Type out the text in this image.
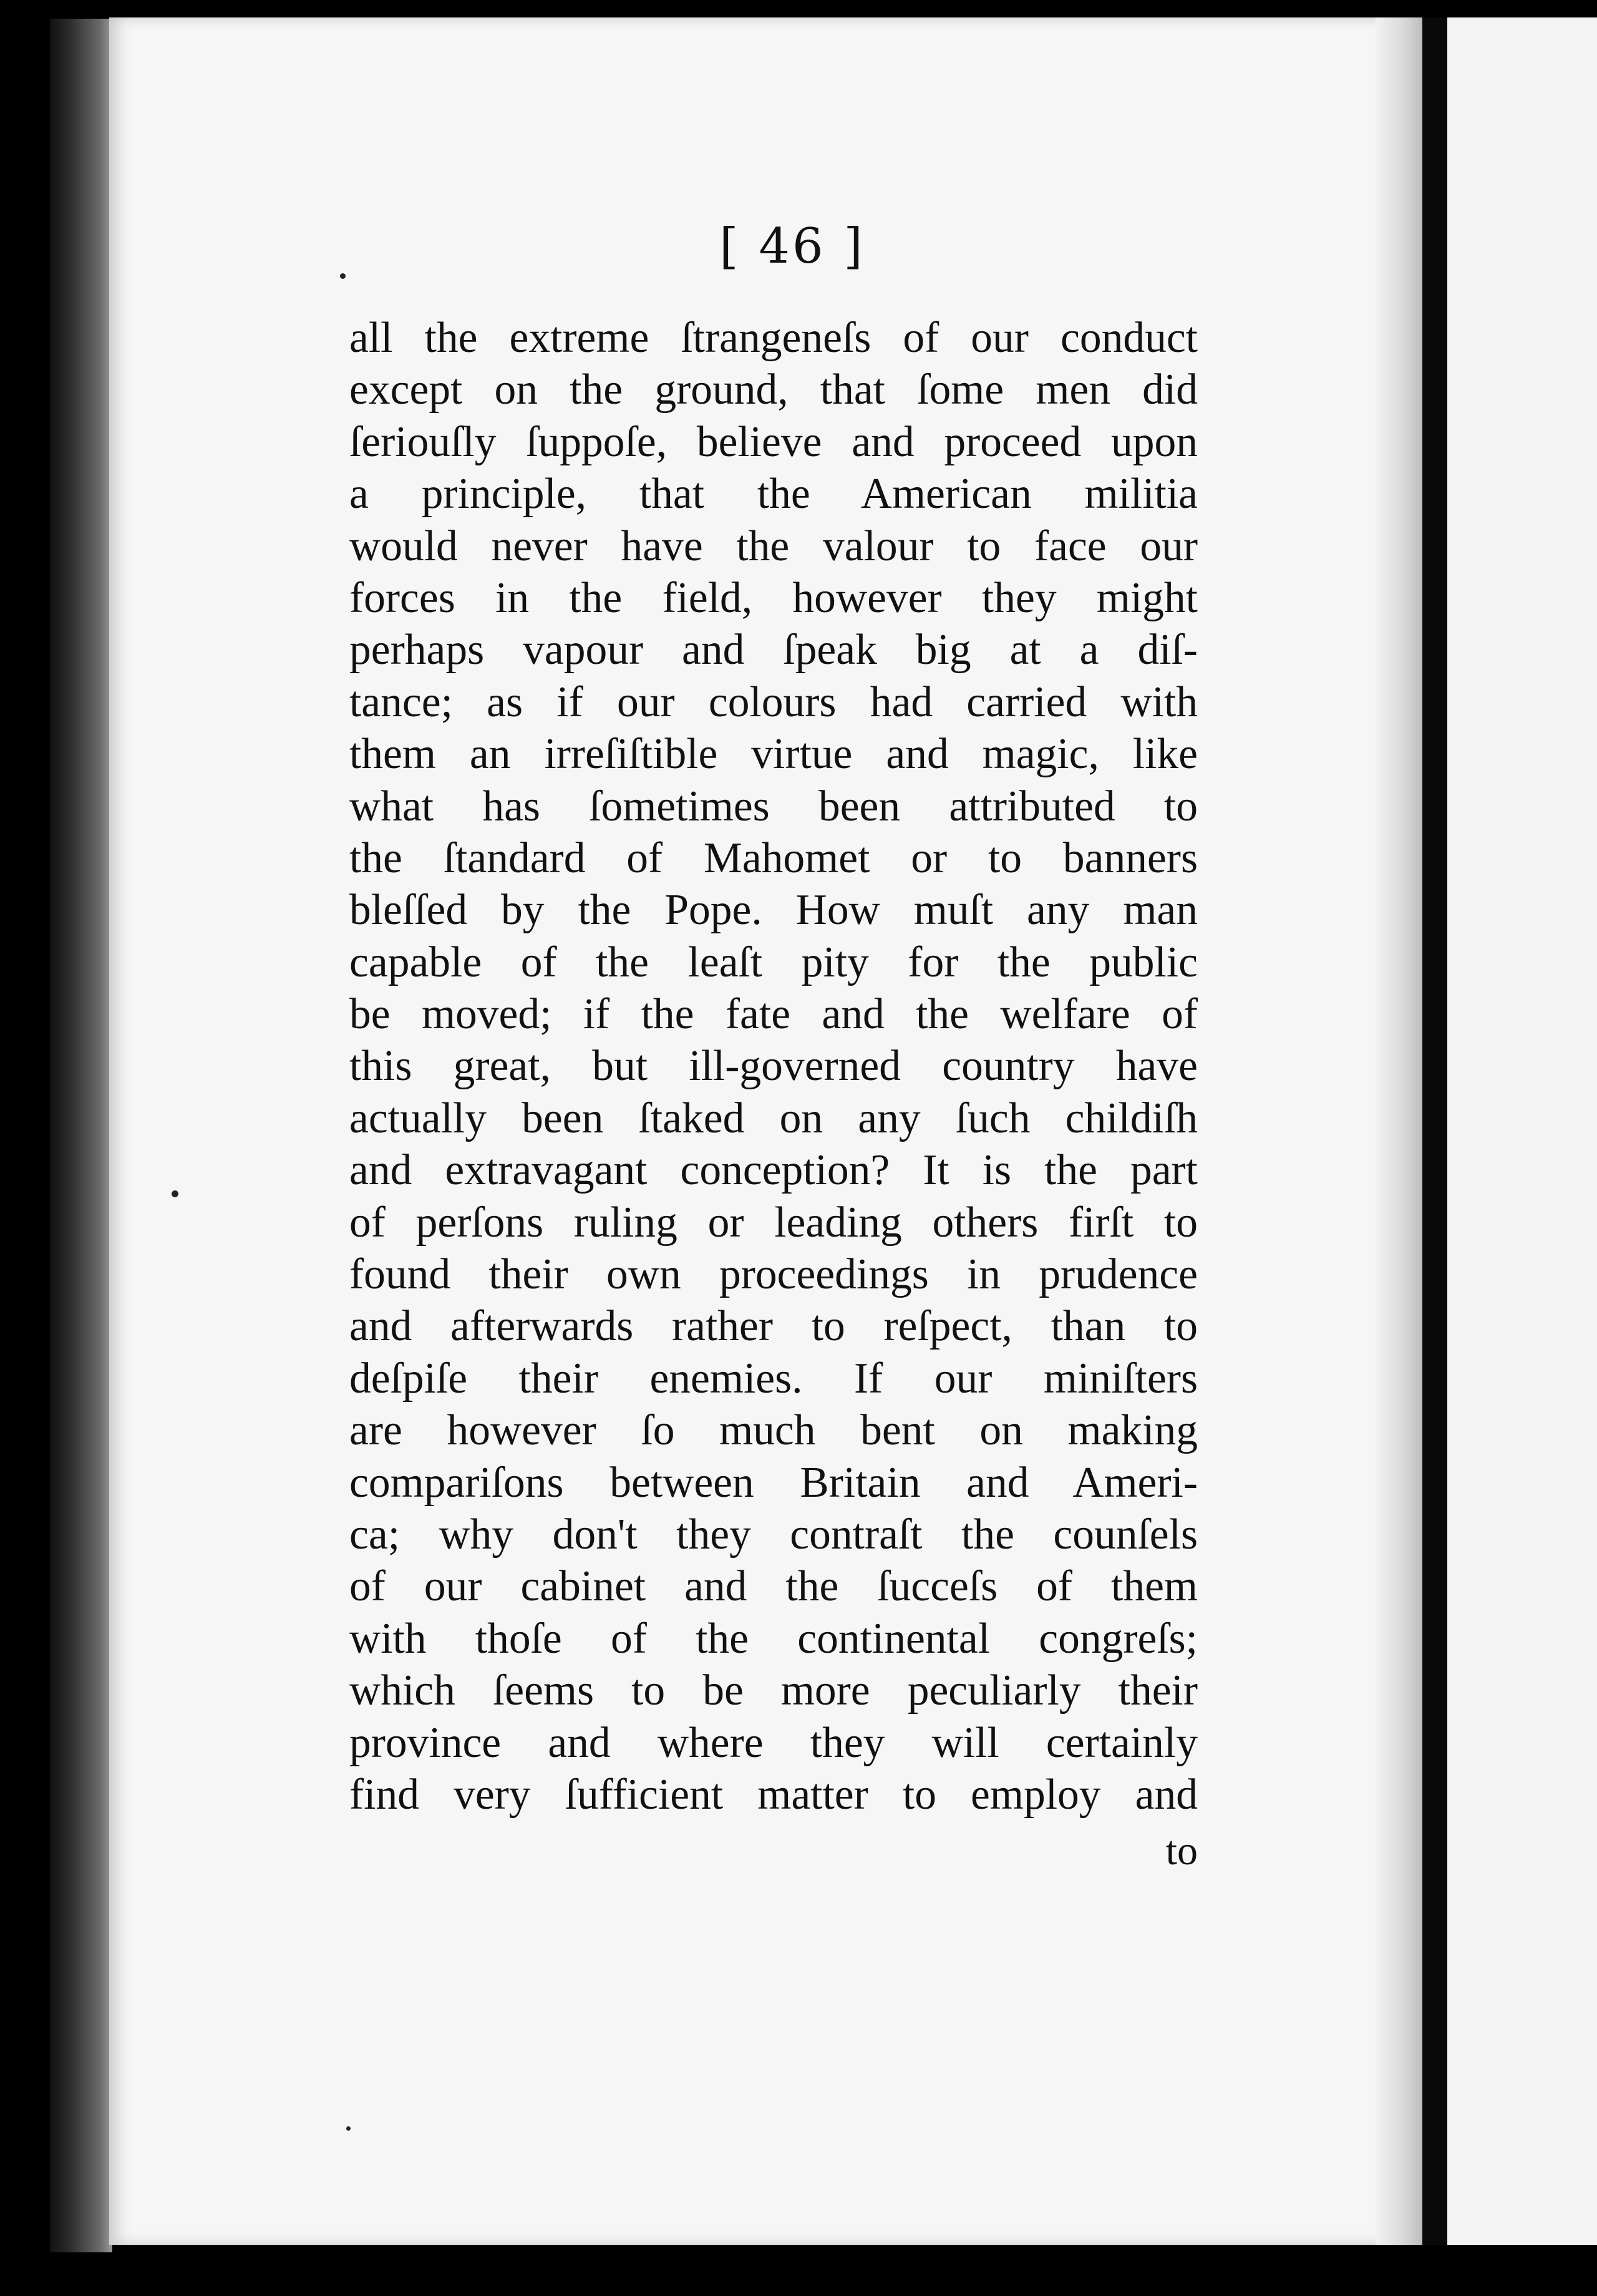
[ 46 ]
all the extreme ſtrangeneſs of our conduct
except on the ground, that ſome men did
ſeriouſly ſuppoſe, believe and proceed upon
a principle, that the American militia
would never have the valour to face our
forces in the field, however they might
perhaps vapour and ſpeak big at a diſ-
tance; as if our colours had carried with
them an irreſiſtible virtue and magic, like
what has ſometimes been attributed to
the ſtandard of Mahomet or to banners
bleſſed by the Pope. How muſt any man
capable of the leaſt pity for the public
be moved; if the fate and the welfare of
this great, but ill-governed country have
actually been ſtaked on any ſuch childiſh
and extravagant conception? It is the part
of perſons ruling or leading others firſt to
found their own proceedings in prudence
and afterwards rather to reſpect, than to
deſpiſe their enemies. If our miniſters
are however ſo much bent on making
compariſons between Britain and Ameri-
ca; why don't they contraſt the counſels
of our cabinet and the ſucceſs of them
with thoſe of the continental congreſs;
which ſeems to be more peculiarly their
province and where they will certainly
find very ſufficient matter to employ and
to
